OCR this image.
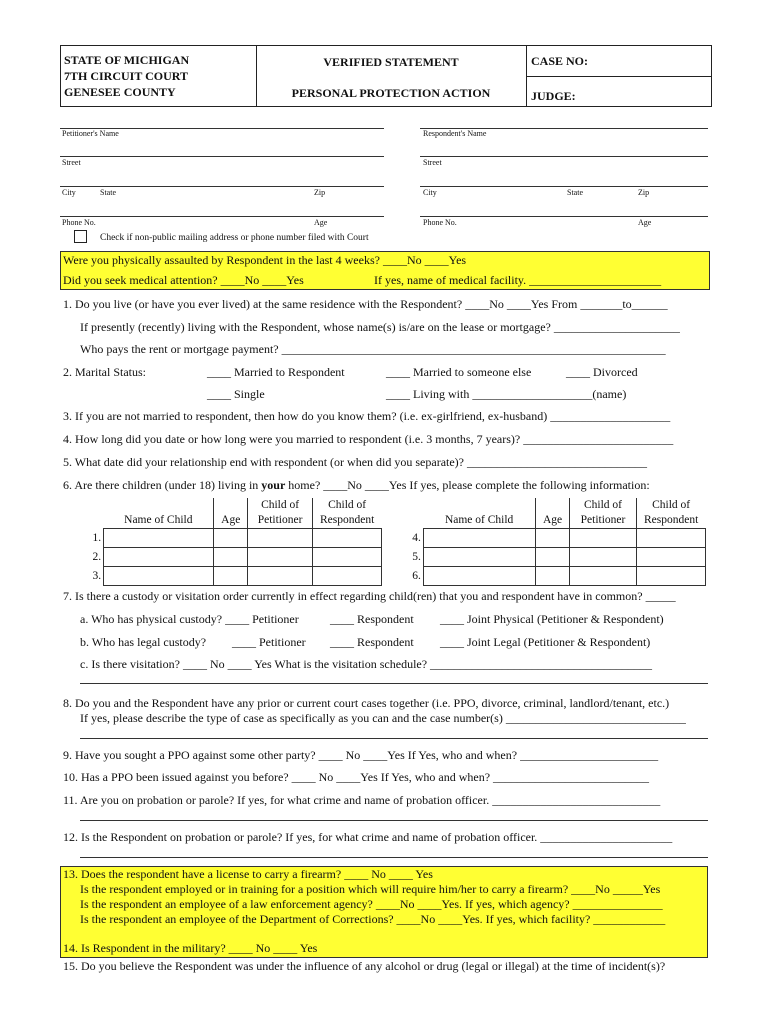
STATE OF MICHIGAN
7TH CIRCUIT COURT
GENESEE COUNTY
VERIFIED STATEMENT
PERSONAL PROTECTION ACTION
CASE NO:
JUDGE:
Petitioner's Name	Respondent's Name
Street	Street
City	State	Zip	City	State	Zip
Phone No.	Age	Phone No.	Age
Check if non-public mailing address or phone number filed with Court
Were you physically assaulted by Respondent in the last 4 weeks? ____No ____Yes
Did you seek medical attention? ____No ____Yes	If yes, name of medical facility. ______________________
1. Do you live (or have you ever lived) at the same residence with the Respondent? ____No ____Yes From _______to______
If presently (recently) living with the Respondent, whose name(s) is/are on the lease or mortgage? _____________________
Who pays the rent or mortgage payment? ________________________________________________________________
2. Marital Status:	____ Married to Respondent	____ Married to someone else	____ Divorced
____ Single	____ Living with ____________________(name)
3. If you are not married to respondent, then how do you know them? (i.e. ex-girlfriend, ex-husband) ____________________
4. How long did you date or how long were you married to respondent (i.e. 3 months, 7 years)? _________________________
5. What date did your relationship end with respondent (or when did you separate)? ______________________________
6. Are there children (under 18) living in your home? ____No ____Yes If yes, please complete the following information:
	Name of Child	Age	Child of Petitioner	Child of Respondent
1.				
2.				
3.				
	Name of Child	Age	Child of Petitioner	Child of Respondent
4.				
5.				
6.				
7. Is there a custody or visitation order currently in effect regarding child(ren) that you and respondent have in common? _____
a. Who has physical custody? ____ Petitioner	____ Respondent ____ Joint Physical (Petitioner & Respondent)
b. Who has legal custody? ____ Petitioner ____ Respondent ____ Joint Legal (Petitioner & Respondent)
c. Is there visitation? ____ No ____ Yes What is the visitation schedule? _____________________________________
8. Do you and the Respondent have any prior or current court cases together (i.e. PPO, divorce, criminal, landlord/tenant, etc.)
If yes, please describe the type of case as specifically as you can and the case number(s) ______________________________
9. Have you sought a PPO against some other party? ____ No ____Yes If Yes, who and when? _______________________
10. Has a PPO been issued against you before? ____ No ____Yes If Yes, who and when? __________________________
11. Are you on probation or parole? If yes, for what crime and name of probation officer. ____________________________
12. Is the Respondent on probation or parole? If yes, for what crime and name of probation officer. ______________________
13. Does the respondent have a license to carry a firearm? ____ No ____ Yes
Is the respondent employed or in training for a position which will require him/her to carry a firearm? ____No _____Yes
Is the respondent an employee of a law enforcement agency? ____No ____Yes. If yes, which agency? _______________
Is the respondent an employee of the Department of Corrections? ____No ____Yes. If yes, which facility? ____________
14. Is Respondent in the military? ____ No ____ Yes
15. Do you believe the Respondent was under the influence of any alcohol or drug (legal or illegal) at the time of incident(s)?
